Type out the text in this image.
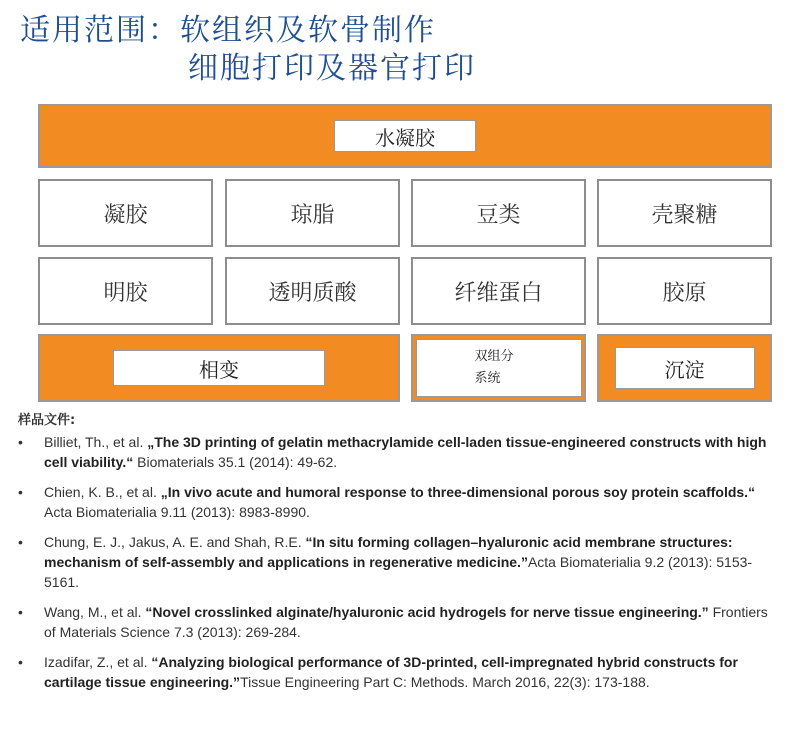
适用范围：软组织及软骨制作
细胞打印及器官打印
水凝胶
凝胶	琼脂	豆类	壳聚糖
明胶	透明质酸	纤维蛋白	胶原
相变
双组分
系统	沉淀
样品文件:
• Billiet, Th., et al. „The 3D printing of gelatin methacrylamide cell-laden tissue-engineered constructs with high cell viability.“ Biomaterials 35.1 (2014): 49-62.
• Chien, K. B., et al. „In vivo acute and humoral response to three-dimensional porous soy protein scaffolds.“ Acta Biomaterialia 9.11 (2013): 8983-8990.
• Chung, E. J., Jakus, A. E. and Shah, R.E. “In situ forming collagen–hyaluronic acid membrane structures: mechanism of self-assembly and applications in regenerative medicine.”Acta Biomaterialia 9.2 (2013): 5153-5161.
• Wang, M., et al. “Novel crosslinked alginate/hyaluronic acid hydrogels for nerve tissue engineering.” Frontiers of Materials Science 7.3 (2013): 269-284.
• Izadifar, Z., et al. “Analyzing biological performance of 3D-printed, cell-impregnated hybrid constructs for cartilage tissue engineering.”Tissue Engineering Part C: Methods. March 2016, 22(3): 173-188.
